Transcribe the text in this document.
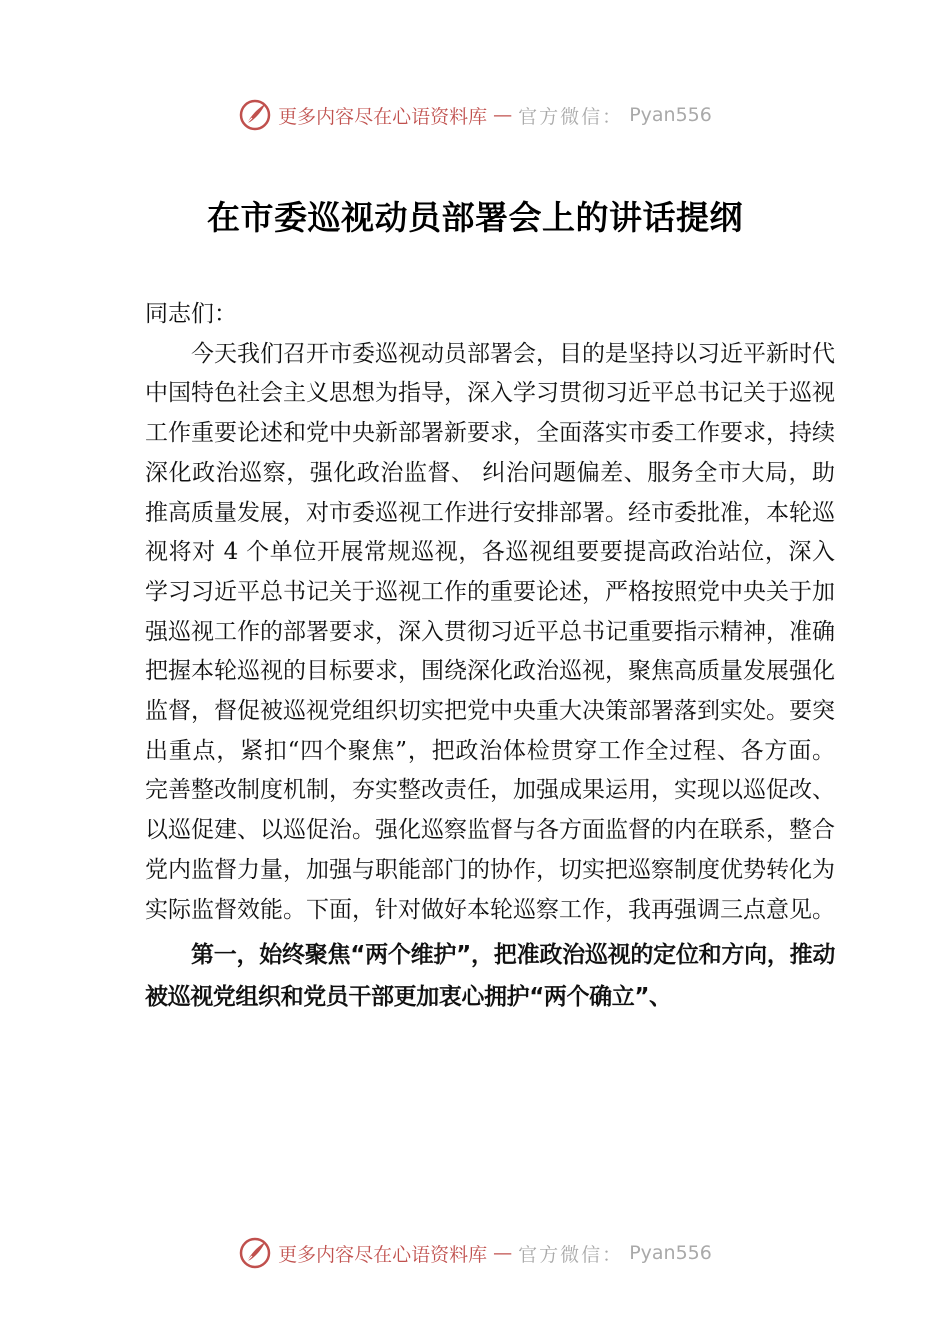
更多内容尽在心语资料库 — 官方微信： Pyan556
在市委巡视动员部署会上的讲话提纲

同志们：

今天我们召开市委巡视动员部署会，目的是坚持以习近平新时代中国特色社会主义思想为指导，深入学习贯彻习近平总书记关于巡视工作重要论述和党中央新部署新要求，全面落实市委工作要求，持续深化政治巡察，强化政治监督、 纠治问题偏差、服务全市大局，助推高质量发展，对市委巡视工作进行安排部署。经市委批准，本轮巡视将对 4 个单位开展常规巡视，各巡视组要要提高政治站位，深入学习习近平总书记关于巡视工作的重要论述，严格按照党中央关于加强巡视工作的部署要求，深入贯彻习近平总书记重要指示精神，准确把握本轮巡视的目标要求，围绕深化政治巡视，聚焦高质量发展强化监督，督促被巡视党组织切实把党中央重大决策部署落到实处。要突出重点，紧扣“四个聚焦”，把政治体检贯穿工作全过程、各方面。完善整改制度机制，夯实整改责任，加强成果运用，实现以巡促改、以巡促建、以巡促治。强化巡察监督与各方面监督的内在联系，整合党内监督力量，加强与职能部门的协作，切实把巡察制度优势转化为实际监督效能。下面，针对做好本轮巡察工作，我再强调三点意见。

第一，始终聚焦“两个维护”，把准政治巡视的定位和方向，推动被巡视党组织和党员干部更加衷心拥护“两个确立”、

更多内容尽在心语资料库 — 官方微信： Pyan556
